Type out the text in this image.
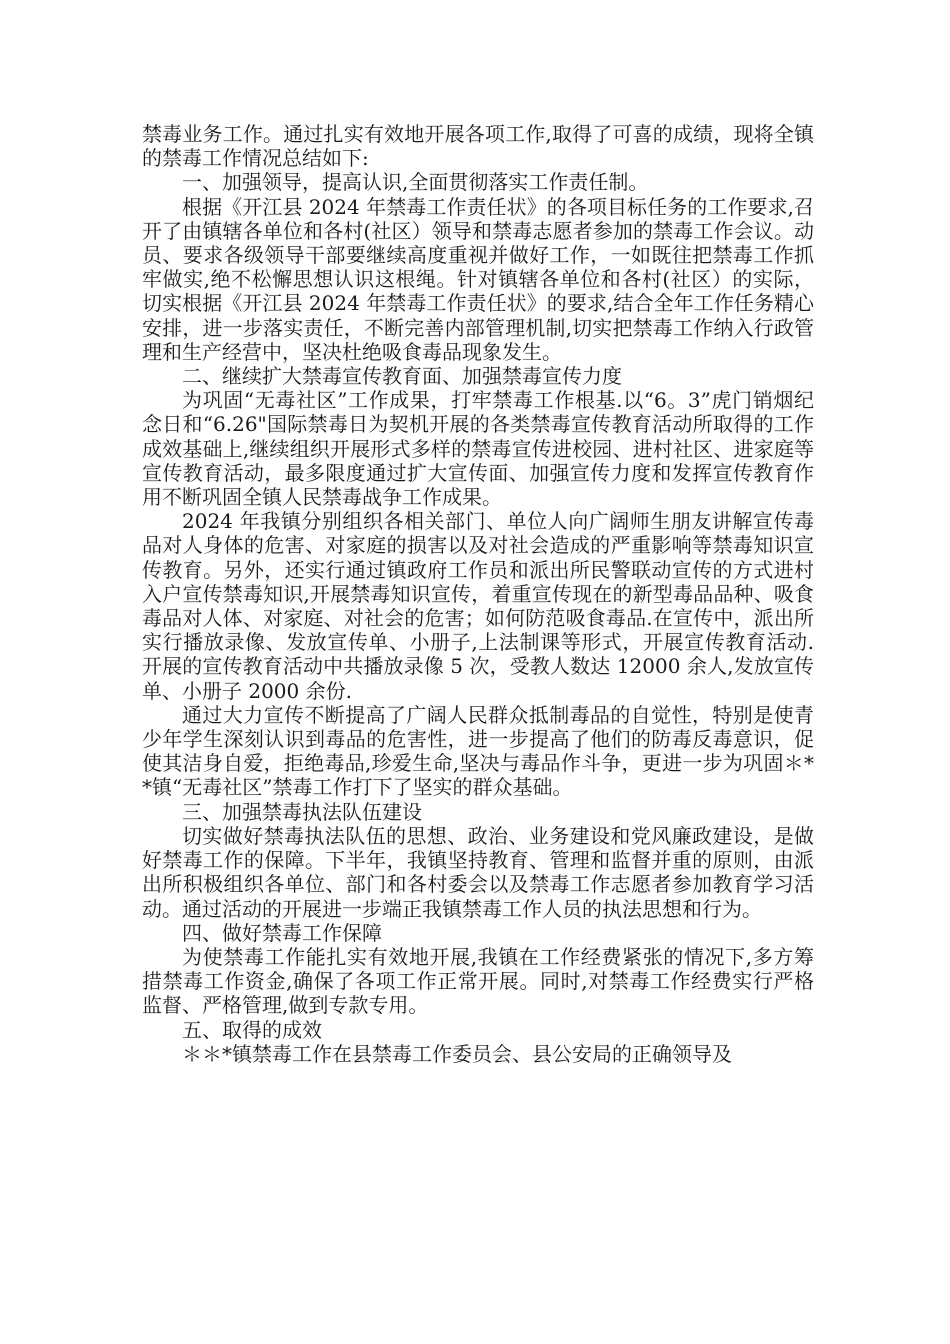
禁毒业务工作。通过扎实有效地开展各项工作,取得了可喜的成绩，现将全镇的禁毒工作情况总结如下:

一、加强领导，提高认识,全面贯彻落实工作责任制。

根据《开江县 2024 年禁毒工作责任状》的各项目标任务的工作要求,召开了由镇辖各单位和各村(社区）领导和禁毒志愿者参加的禁毒工作会议。动员、要求各级领导干部要继续高度重视并做好工作，一如既往把禁毒工作抓牢做实,绝不松懈思想认识这根绳。针对镇辖各单位和各村(社区）的实际，切实根据《开江县 2024 年禁毒工作责任状》的要求,结合全年工作任务精心安排，进一步落实责任，不断完善内部管理机制,切实把禁毒工作纳入行政管理和生产经营中，坚决杜绝吸食毒品现象发生。

二、继续扩大禁毒宣传教育面、加强禁毒宣传力度

为巩固“无毒社区”工作成果，打牢禁毒工作根基.以“6。3”虎门销烟纪念日和“6.26"国际禁毒日为契机开展的各类禁毒宣传教育活动所取得的工作成效基础上,继续组织开展形式多样的禁毒宣传进校园、进村社区、进家庭等宣传教育活动，最多限度通过扩大宣传面、加强宣传力度和发挥宣传教育作用不断巩固全镇人民禁毒战争工作成果。

2024 年我镇分别组织各相关部门、单位人向广阔师生朋友讲解宣传毒品对人身体的危害、对家庭的损害以及对社会造成的严重影响等禁毒知识宣传教育。另外，还实行通过镇政府工作员和派出所民警联动宣传的方式进村入户宣传禁毒知识,开展禁毒知识宣传，着重宣传现在的新型毒品品种、吸食毒品对人体、对家庭、对社会的危害；如何防范吸食毒品.在宣传中，派出所实行播放录像、发放宣传单、小册子,上法制课等形式，开展宣传教育活动.开展的宣传教育活动中共播放录像 5 次，受教人数达 12000 余人,发放宣传单、小册子 2000 余份.

通过大力宣传不断提高了广阔人民群众抵制毒品的自觉性，特别是使青少年学生深刻认识到毒品的危害性，进一步提高了他们的防毒反毒意识，促使其洁身自爱，拒绝毒品,珍爱生命,坚决与毒品作斗争，更进一步为巩固＊**镇“无毒社区”禁毒工作打下了坚实的群众基础。

三、加强禁毒执法队伍建设

切实做好禁毒执法队伍的思想、政治、业务建设和党风廉政建设，是做好禁毒工作的保障。下半年，我镇坚持教育、管理和监督并重的原则，由派出所积极组织各单位、部门和各村委会以及禁毒工作志愿者参加教育学习活动。通过活动的开展进一步端正我镇禁毒工作人员的执法思想和行为。

四、做好禁毒工作保障

为使禁毒工作能扎实有效地开展,我镇在工作经费紧张的情况下,多方筹措禁毒工作资金,确保了各项工作正常开展。同时,对禁毒工作经费实行严格监督、严格管理,做到专款专用。

五、取得的成效

＊＊*镇禁毒工作在县禁毒工作委员会、县公安局的正确领导及
